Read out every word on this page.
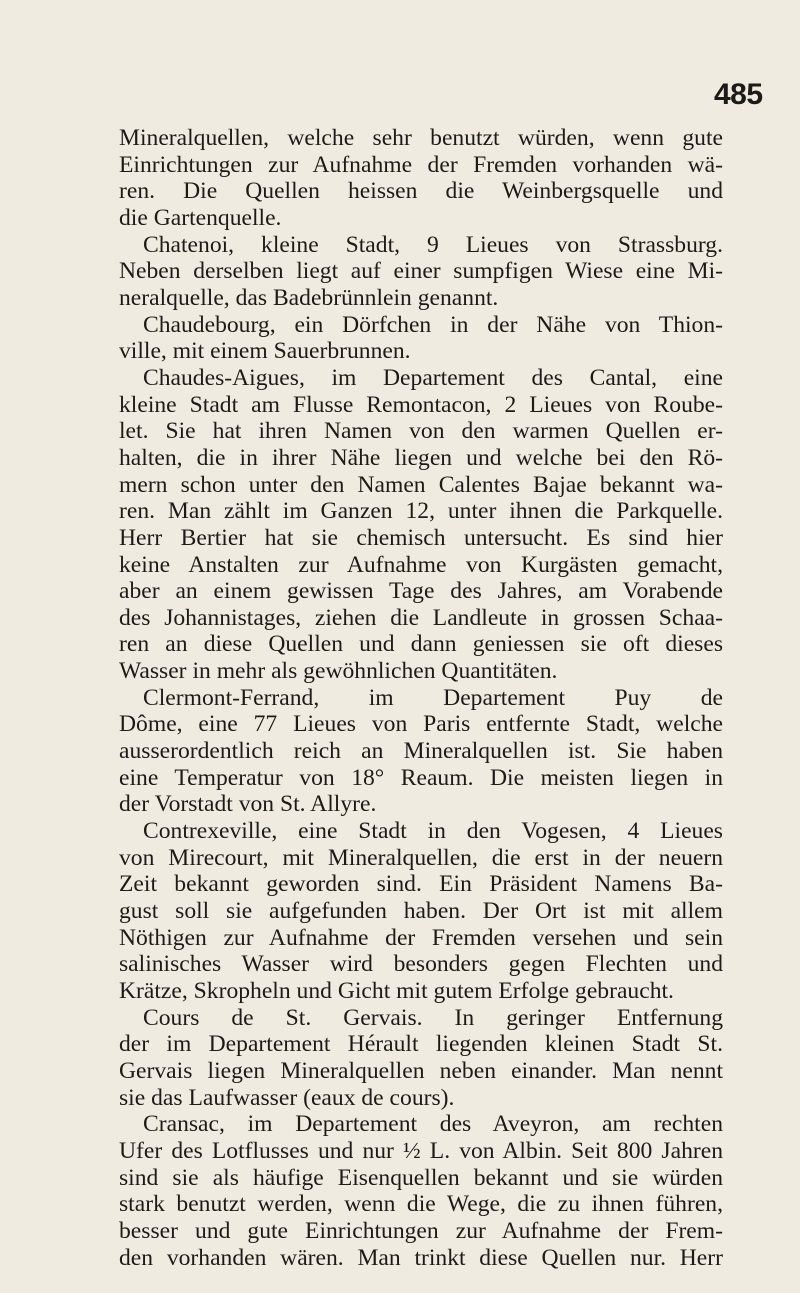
485
Mineralquellen, welche sehr benutzt würden, wenn gute
Einrichtungen zur Aufnahme der Fremden vorhanden wä-
ren. Die Quellen heissen die Weinbergsquelle und
die Gartenquelle.
Chatenoi, kleine Stadt, 9 Lieues von Strassburg.
Neben derselben liegt auf einer sumpfigen Wiese eine Mi-
neralquelle, das Badebrünnlein genannt.
Chaudebourg, ein Dörfchen in der Nähe von Thion-
ville, mit einem Sauerbrunnen.
Chaudes-Aigues, im Departement des Cantal, eine
kleine Stadt am Flusse Remontacon, 2 Lieues von Roube-
let. Sie hat ihren Namen von den warmen Quellen er-
halten, die in ihrer Nähe liegen und welche bei den Rö-
mern schon unter den Namen Calentes Bajae bekannt wa-
ren. Man zählt im Ganzen 12, unter ihnen die Parkquelle.
Herr Bertier hat sie chemisch untersucht. Es sind hier
keine Anstalten zur Aufnahme von Kurgästen gemacht,
aber an einem gewissen Tage des Jahres, am Vorabende
des Johannistages, ziehen die Landleute in grossen Schaa-
ren an diese Quellen und dann geniessen sie oft dieses
Wasser in mehr als gewöhnlichen Quantitäten.
Clermont-Ferrand, im Departement Puy de
Dôme, eine 77 Lieues von Paris entfernte Stadt, welche
ausserordentlich reich an Mineralquellen ist. Sie haben
eine Temperatur von 18° Reaum. Die meisten liegen in
der Vorstadt von St. Allyre.
Contrexeville, eine Stadt in den Vogesen, 4 Lieues
von Mirecourt, mit Mineralquellen, die erst in der neuern
Zeit bekannt geworden sind. Ein Präsident Namens Ba-
gust soll sie aufgefunden haben. Der Ort ist mit allem
Nöthigen zur Aufnahme der Fremden versehen und sein
salinisches Wasser wird besonders gegen Flechten und
Krätze, Skropheln und Gicht mit gutem Erfolge gebraucht.
Cours de St. Gervais. In geringer Entfernung
der im Departement Hérault liegenden kleinen Stadt St.
Gervais liegen Mineralquellen neben einander. Man nennt
sie das Laufwasser (eaux de cours).
Cransac, im Departement des Aveyron, am rechten
Ufer des Lotflusses und nur ½ L. von Albin. Seit 800 Jahren
sind sie als häufige Eisenquellen bekannt und sie würden
stark benutzt werden, wenn die Wege, die zu ihnen führen,
besser und gute Einrichtungen zur Aufnahme der Frem-
den vorhanden wären. Man trinkt diese Quellen nur. Herr
